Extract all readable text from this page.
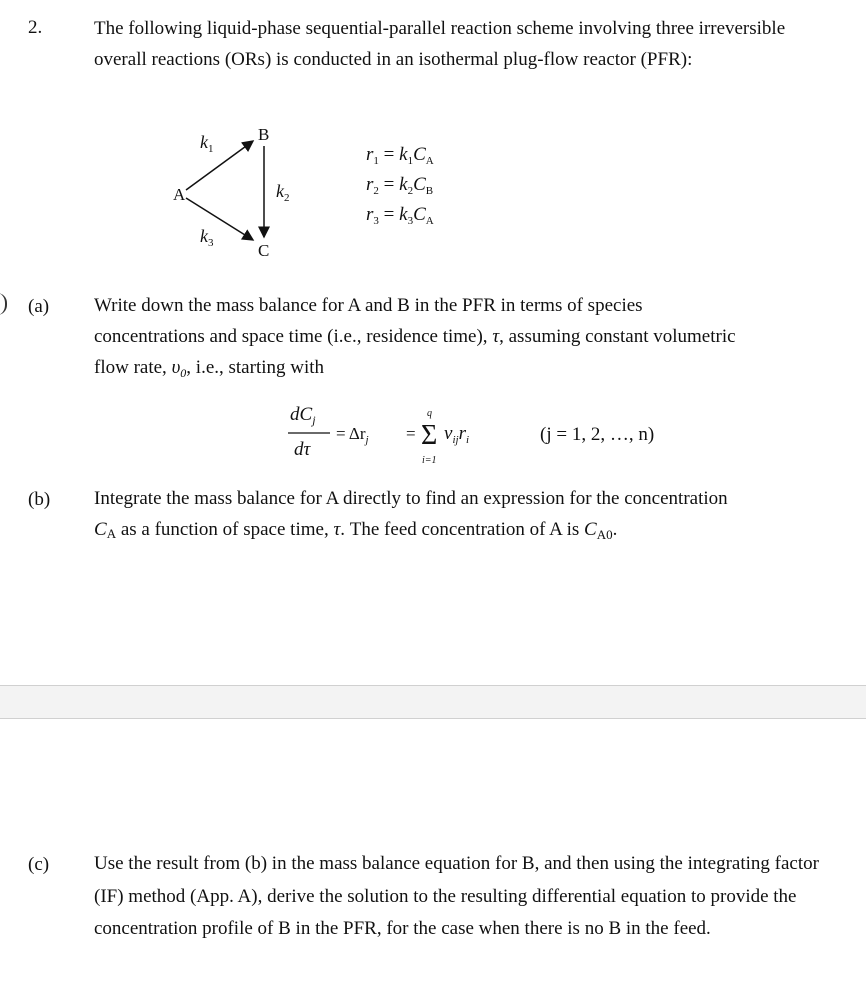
2.	The following liquid-phase sequential-parallel reaction scheme involving three irreversible overall reactions (ORs) is conducted in an isothermal plug-flow reactor (PFR):
A
B
C
$k_1$
$k_2$
$k_3$
$r_1 = k_1C_A$
$r_2 = k_2C_B$
$r_3 = k_3C_A$
(a) Write down the mass balance for A and B in the PFR in terms of species
concentrations and space time (i.e., residence time), τ, assuming constant volumetric
flow rate, $\upsilon_0$, i.e., starting with
$dC_j$
dτ
= $\Delta r_j$ =
q
Σ
i=1
$\nu_{ij}r_i$	(j = 1, 2, …, n)
(b) Integrate the mass balance for A directly to find an expression for the concentration
CA as a function of space time, τ. The feed concentration of A is $C_{A0}$.
(c) Use the result from (b) in the mass balance equation for B, and then using the integrating factor (IF) method (App. A), derive the solution to the resulting differential equation to provide the concentration profile of B in the PFR, for the case when there is no B in the feed.
